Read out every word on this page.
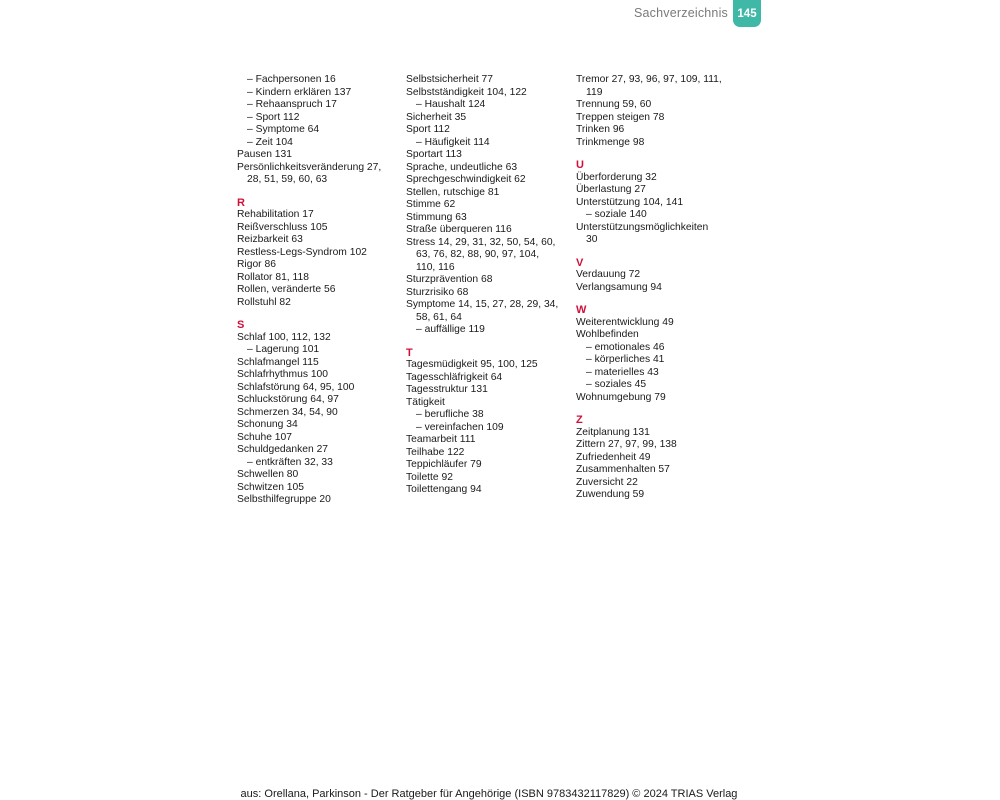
Sachverzeichnis 145
– Fachpersonen 16
– Kindern erklären 137
– Rehaanspruch 17
– Sport 112
– Symptome 64
– Zeit 104
Pausen 131
Persönlichkeitsveränderung 27,
28, 51, 59, 60, 63
R
Rehabilitation 17
Reißverschluss 105
Reizbarkeit 63
Restless-Legs-Syndrom 102
Rigor 86
Rollator 81, 118
Rollen, veränderte 56
Rollstuhl 82
S
Schlaf 100, 112, 132
– Lagerung 101
Schlafmangel 115
Schlafrhythmus 100
Schlafstörung 64, 95, 100
Schluckstörung 64, 97
Schmerzen 34, 54, 90
Schonung 34
Schuhe 107
Schuldgedanken 27
– entkräften 32, 33
Schwellen 80
Schwitzen 105
Selbsthilfegruppe 20
Selbstsicherheit 77
Selbstständigkeit 104, 122
– Haushalt 124
Sicherheit 35
Sport 112
– Häufigkeit 114
Sportart 113
Sprache, undeutliche 63
Sprechgeschwindigkeit 62
Stellen, rutschige 81
Stimme 62
Stimmung 63
Straße überqueren 116
Stress 14, 29, 31, 32, 50, 54, 60,
63, 76, 82, 88, 90, 97, 104,
110, 116
Sturzprävention 68
Sturzrisiko 68
Symptome 14, 15, 27, 28, 29, 34,
58, 61, 64
– auffällige 119
T
Tagesmüdigkeit 95, 100, 125
Tagesschläfrigkeit 64
Tagesstruktur 131
Tätigkeit
– berufliche 38
– vereinfachen 109
Teamarbeit 111
Teilhabe 122
Teppichläufer 79
Toilette 92
Toilettengang 94
Tremor 27, 93, 96, 97, 109, 111,
119
Trennung 59, 60
Treppen steigen 78
Trinken 96
Trinkmenge 98
U
Überforderung 32
Überlastung 27
Unterstützung 104, 141
– soziale 140
Unterstützungsmöglichkeiten
30
V
Verdauung 72
Verlangsamung 94
W
Weiterentwicklung 49
Wohlbefinden
– emotionales 46
– körperliches 41
– materielles 43
– soziales 45
Wohnumgebung 79
Z
Zeitplanung 131
Zittern 27, 97, 99, 138
Zufriedenheit 49
Zusammenhalten 57
Zuversicht 22
Zuwendung 59
aus: Orellana, Parkinson - Der Ratgeber für Angehörige (ISBN 9783432117829) © 2024 TRIAS Verlag
